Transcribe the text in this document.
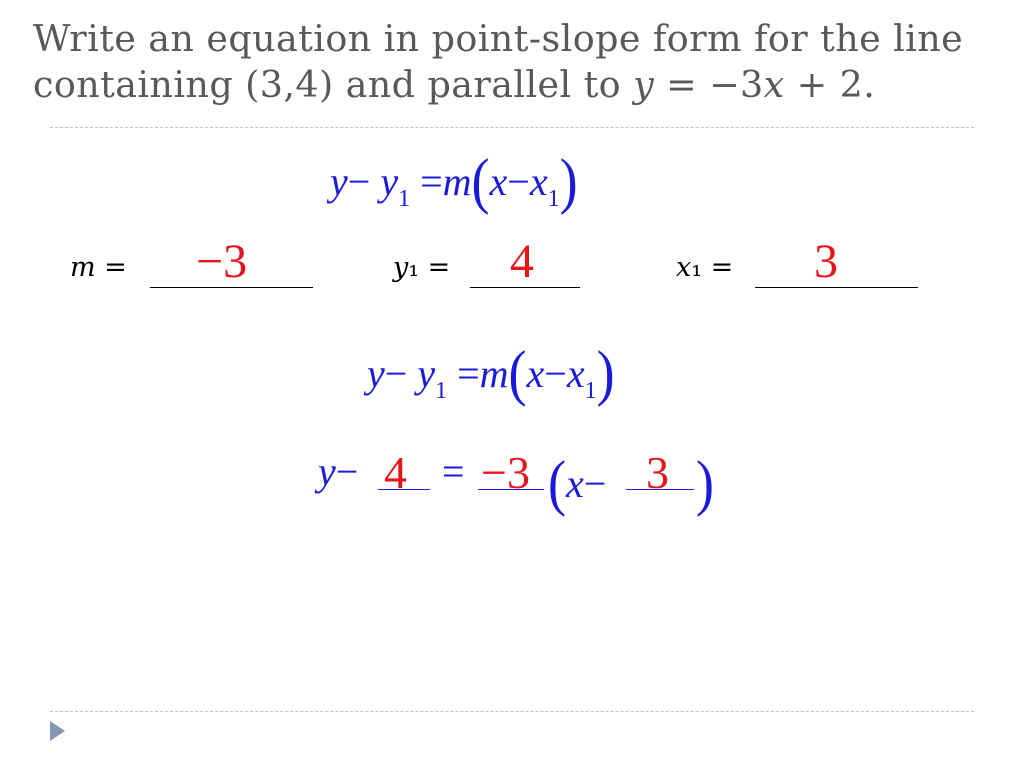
Write an equation in point-slope form for the line
containing (3,4) and parallel to 𝑦 = −3𝑥 + 2.
$y- y_1 =m(x-x_1)$
𝑚 = −3	𝑦₁ = 4	𝑥₁ = 3
$y- y_1 =m(x-x_1)$
y− 4 = −3 (x− 3 )
